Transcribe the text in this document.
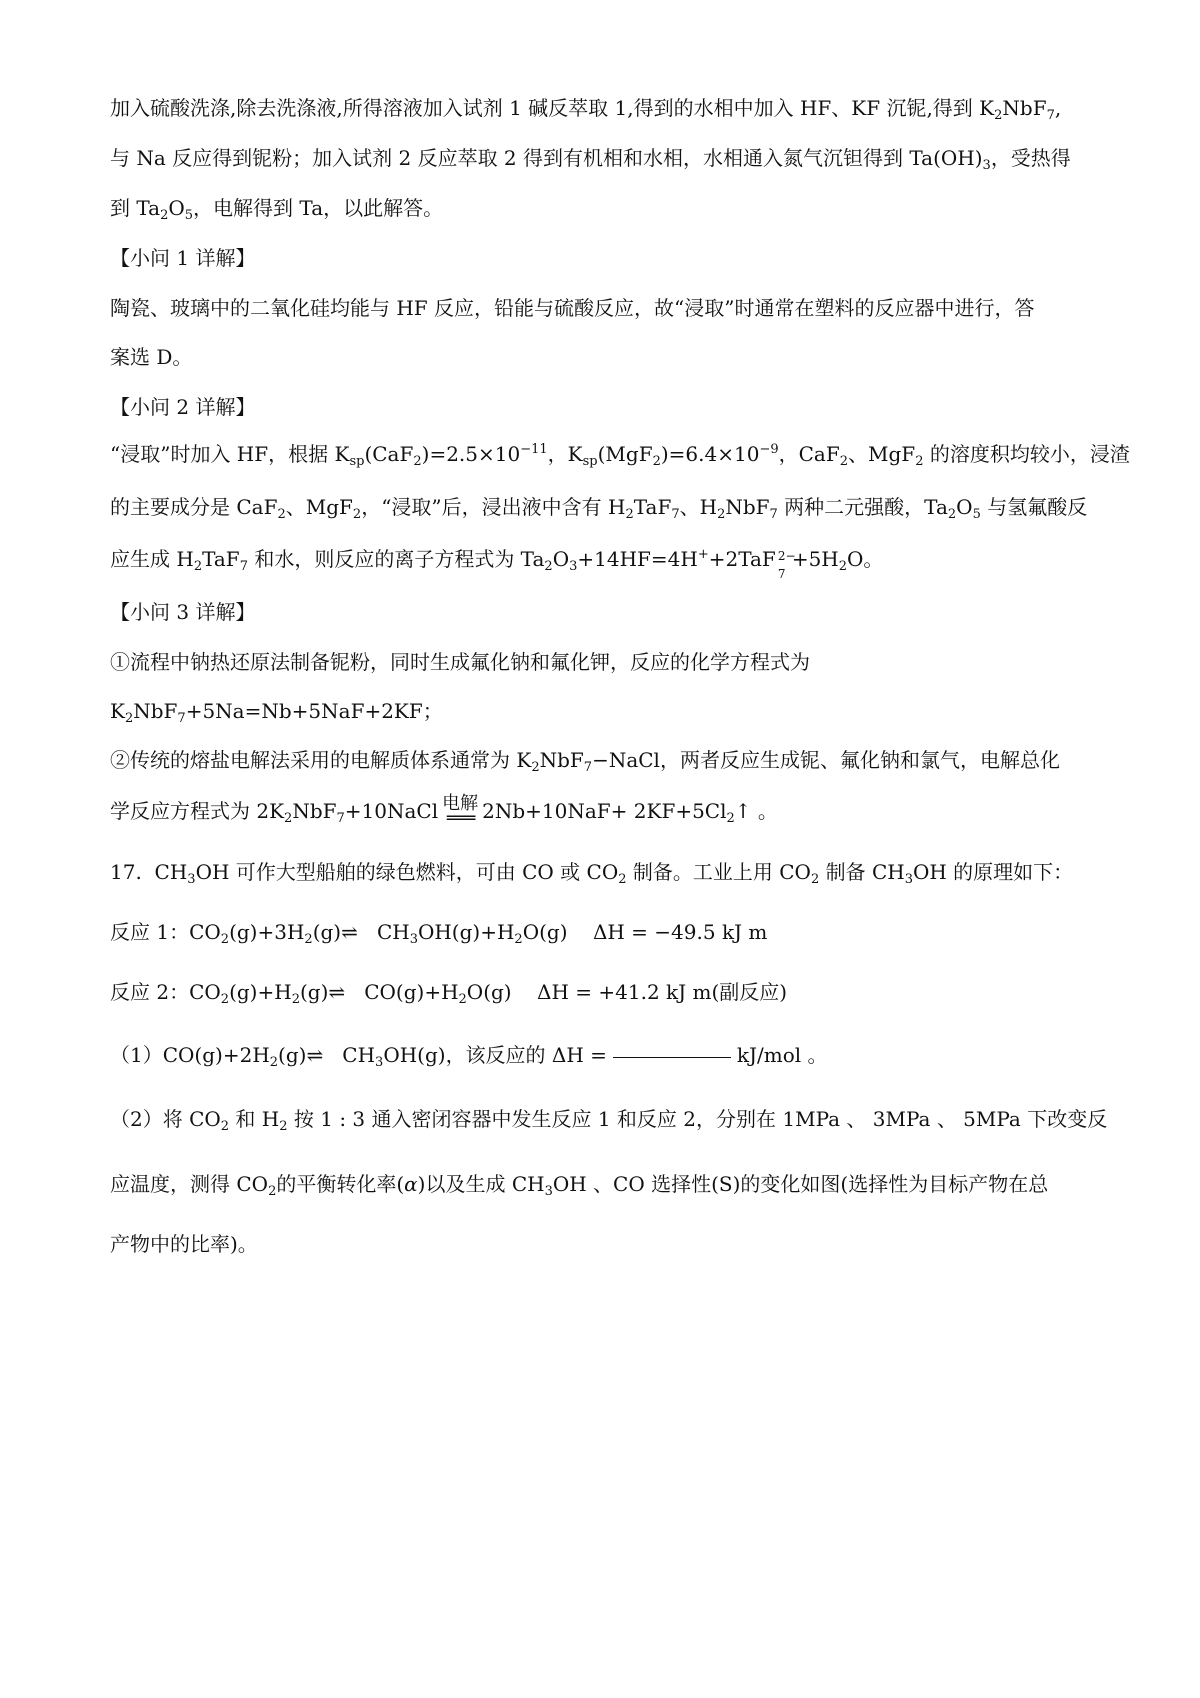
加入硫酸洗涤,除去洗涤液,所得溶液加入试剂 1 碱反萃取 1,得到的水相中加入 HF、KF 沉铌,得到 $K_2NbF_7$,
与 Na 反应得到铌粉；加入试剂 2 反应萃取 2 得到有机相和水相，水相通入氮气沉钽得到 $Ta(OH)_3$，受热得
到 $Ta_2O_5$，电解得到 Ta，以此解答。
【小问 1 详解】
陶瓷、玻璃中的二氧化硅均能与 HF 反应，铅能与硫酸反应，故“浸取”时通常在塑料的反应器中进行，答
案选 D。
【小问 2 详解】
“浸取”时加入 HF，根据 $K_{sp}(CaF_2)=2.5\times 10^{-11}$，$K_{sp}(MgF_2)=6.4\times 10^{-9}$，CaF$_2$、MgF$_2$ 的溶度积均较小，浸渣
的主要成分是 CaF$_2$、MgF$_2$，“浸取”后，浸出液中含有 $H_2TaF_7$、$H_2NbF_7$ 两种二元强酸，$Ta_2O_5$ 与氢氟酸反
应生成 $H_2TaF_7$ 和水，则反应的离子方程式为 $Ta_2O_3+14HF=4H^++2TaF$ 2−
7
$+5H_2O$。
【小问 3 详解】
①流程中钠热还原法制备铌粉，同时生成氟化钠和氟化钾，反应的化学方程式为
$K_2NbF_7+5Na=Nb+5NaF+2KF$；
②传统的熔盐电解法采用的电解质体系通常为 $K_2NbF_7-NaCl$，两者反应生成铌、氟化钠和氯气，电解总化
学反应方程式为 $2K_2NbF_7+10NaCl$ 电解
═══ $2Nb+10NaF+ 2KF+5Cl_2↑$ 。
17.  $CH_3OH$ 可作大型船舶的绿色燃料，可由 CO 或 $CO_2$ 制备。工业上用 $CO_2$ 制备 $CH_3OH$ 的原理如下：
反应 1：$CO_2(g)+3H_2(g)\rightleftharpoons$   $CH_3OH(g)+H_2O(g)$    ΔH = −49.5 kJ m
反应 2：$CO_2(g)+H_2(g)\rightleftharpoons$   $CO(g)+H_2O(g)$    ΔH = +41.2 kJ m(副反应)
$(1)CO(g)+2H_2(g)\rightleftharpoons$   $CH_3OH(g)$，该反应的 ΔH =	kJ/mol 。
（2）将 $CO_2$ 和 $H_2$ 按 1 : 3 通入密闭容器中发生反应 1 和反应 2，分别在 1MPa 、 3MPa 、 5MPa 下改变反
应温度，测得 $CO_2$的平衡转化率(α)以及生成 $CH_3OH$ 、CO 选择性(S)的变化如图(选择性为目标产物在总
产物中的比率)。
